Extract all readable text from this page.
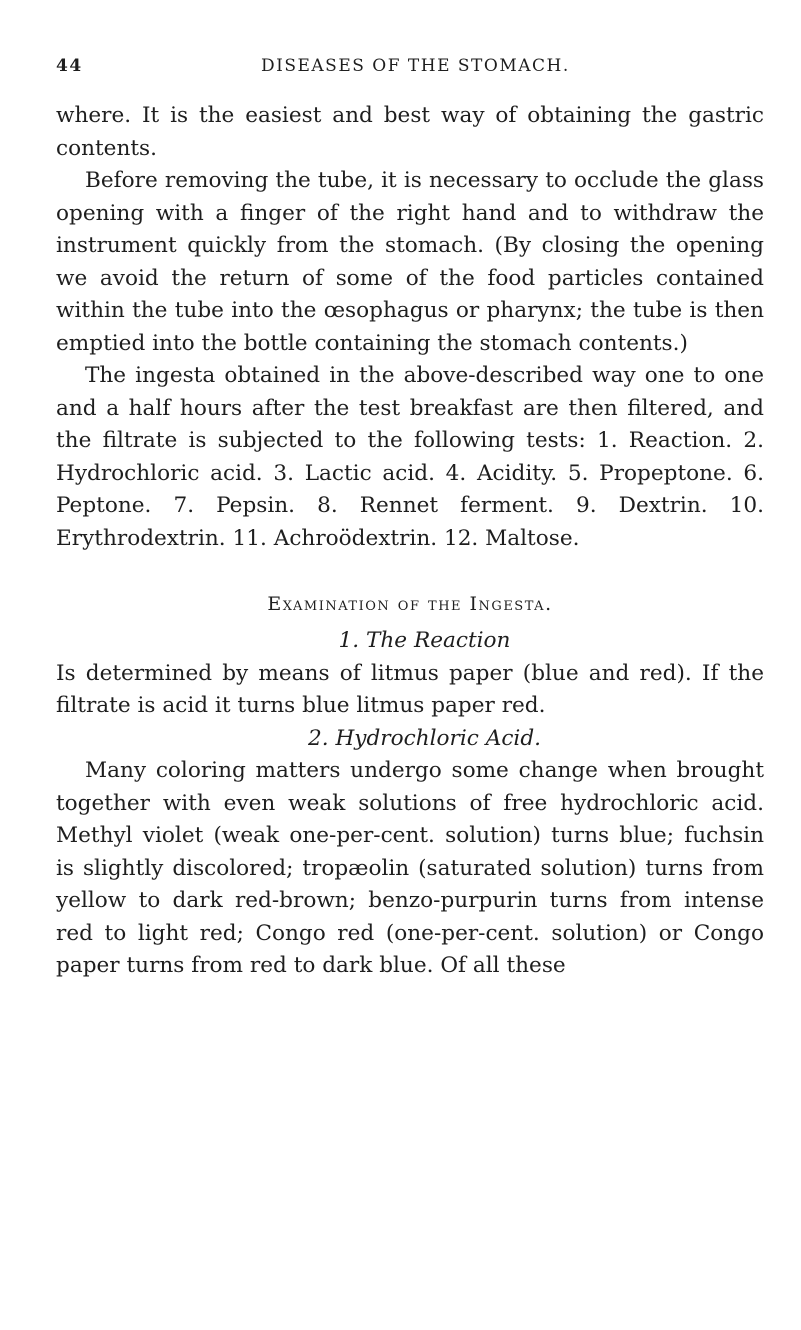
44	DISEASES OF THE STOMACH.

where. It is the easiest and best way of obtaining the gastric contents.

Before removing the tube, it is necessary to occlude the glass opening with a finger of the right hand and to withdraw the instrument quickly from the stomach. (By closing the opening we avoid the return of some of the food particles contained within the tube into the œsophagus or pharynx; the tube is then emptied into the bottle containing the stomach contents.)

The ingesta obtained in the above-described way one to one and a half hours after the test breakfast are then filtered, and the filtrate is subjected to the following tests: 1. Reaction. 2. Hydrochloric acid. 3. Lactic acid. 4. Acidity. 5. Propeptone. 6. Peptone. 7. Pepsin. 8. Rennet ferment. 9. Dextrin. 10. Erythrodextrin. 11. Achroödextrin. 12. Maltose.

Examination of the Ingesta.

1. The Reaction

Is determined by means of litmus paper (blue and red). If the filtrate is acid it turns blue litmus paper red.

2. Hydrochloric Acid.

Many coloring matters undergo some change when brought together with even weak solutions of free hydrochloric acid. Methyl violet (weak one-per-cent. solution) turns blue; fuchsin is slightly discolored; tropæolin (saturated solution) turns from yellow to dark red-brown; benzo-purpurin turns from intense red to light red; Congo red (one-per-cent. solution) or Congo paper turns from red to dark blue. Of all these
